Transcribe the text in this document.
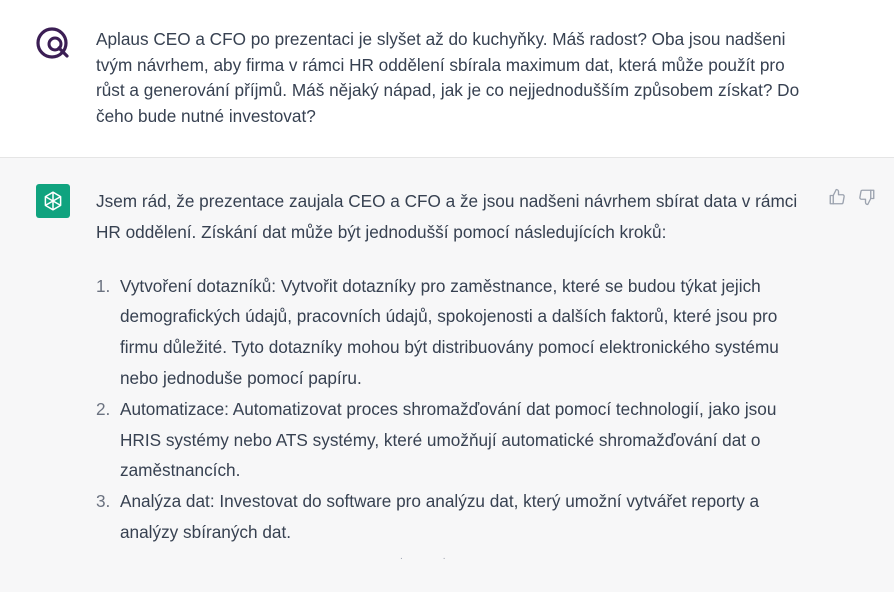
Aplaus CEO a CFO po prezentaci je slyšet až do kuchyňky. Máš radost? Oba jsou nadšeni tvým návrhem, aby firma v rámci HR oddělení sbírala maximum dat, která může použít pro růst a generování příjmů. Máš nějaký nápad, jak je co nejjednodušším způsobem získat? Do čeho bude nutné investovat?

Jsem rád, že prezentace zaujala CEO a CFO a že jsou nadšeni návrhem sbírat data v rámci HR oddělení. Získání dat může být jednodušší pomocí následujících kroků:

1. Vytvoření dotazníků: Vytvořit dotazníky pro zaměstnance, které se budou týkat jejich demografických údajů, pracovních údajů, spokojenosti a dalších faktorů, které jsou pro firmu důležité. Tyto dotazníky mohou být distribuovány pomocí elektronického systému nebo jednoduše pomocí papíru.
2. Automatizace: Automatizovat proces shromažďování dat pomocí technologií, jako jsou HRIS systémy nebo ATS systémy, které umožňují automatické shromažďování dat o zaměstnancích.
3. Analýza dat: Investovat do software pro analýzu dat, který umožní vytvářet reporty a analýzy sbíraných dat.
..
